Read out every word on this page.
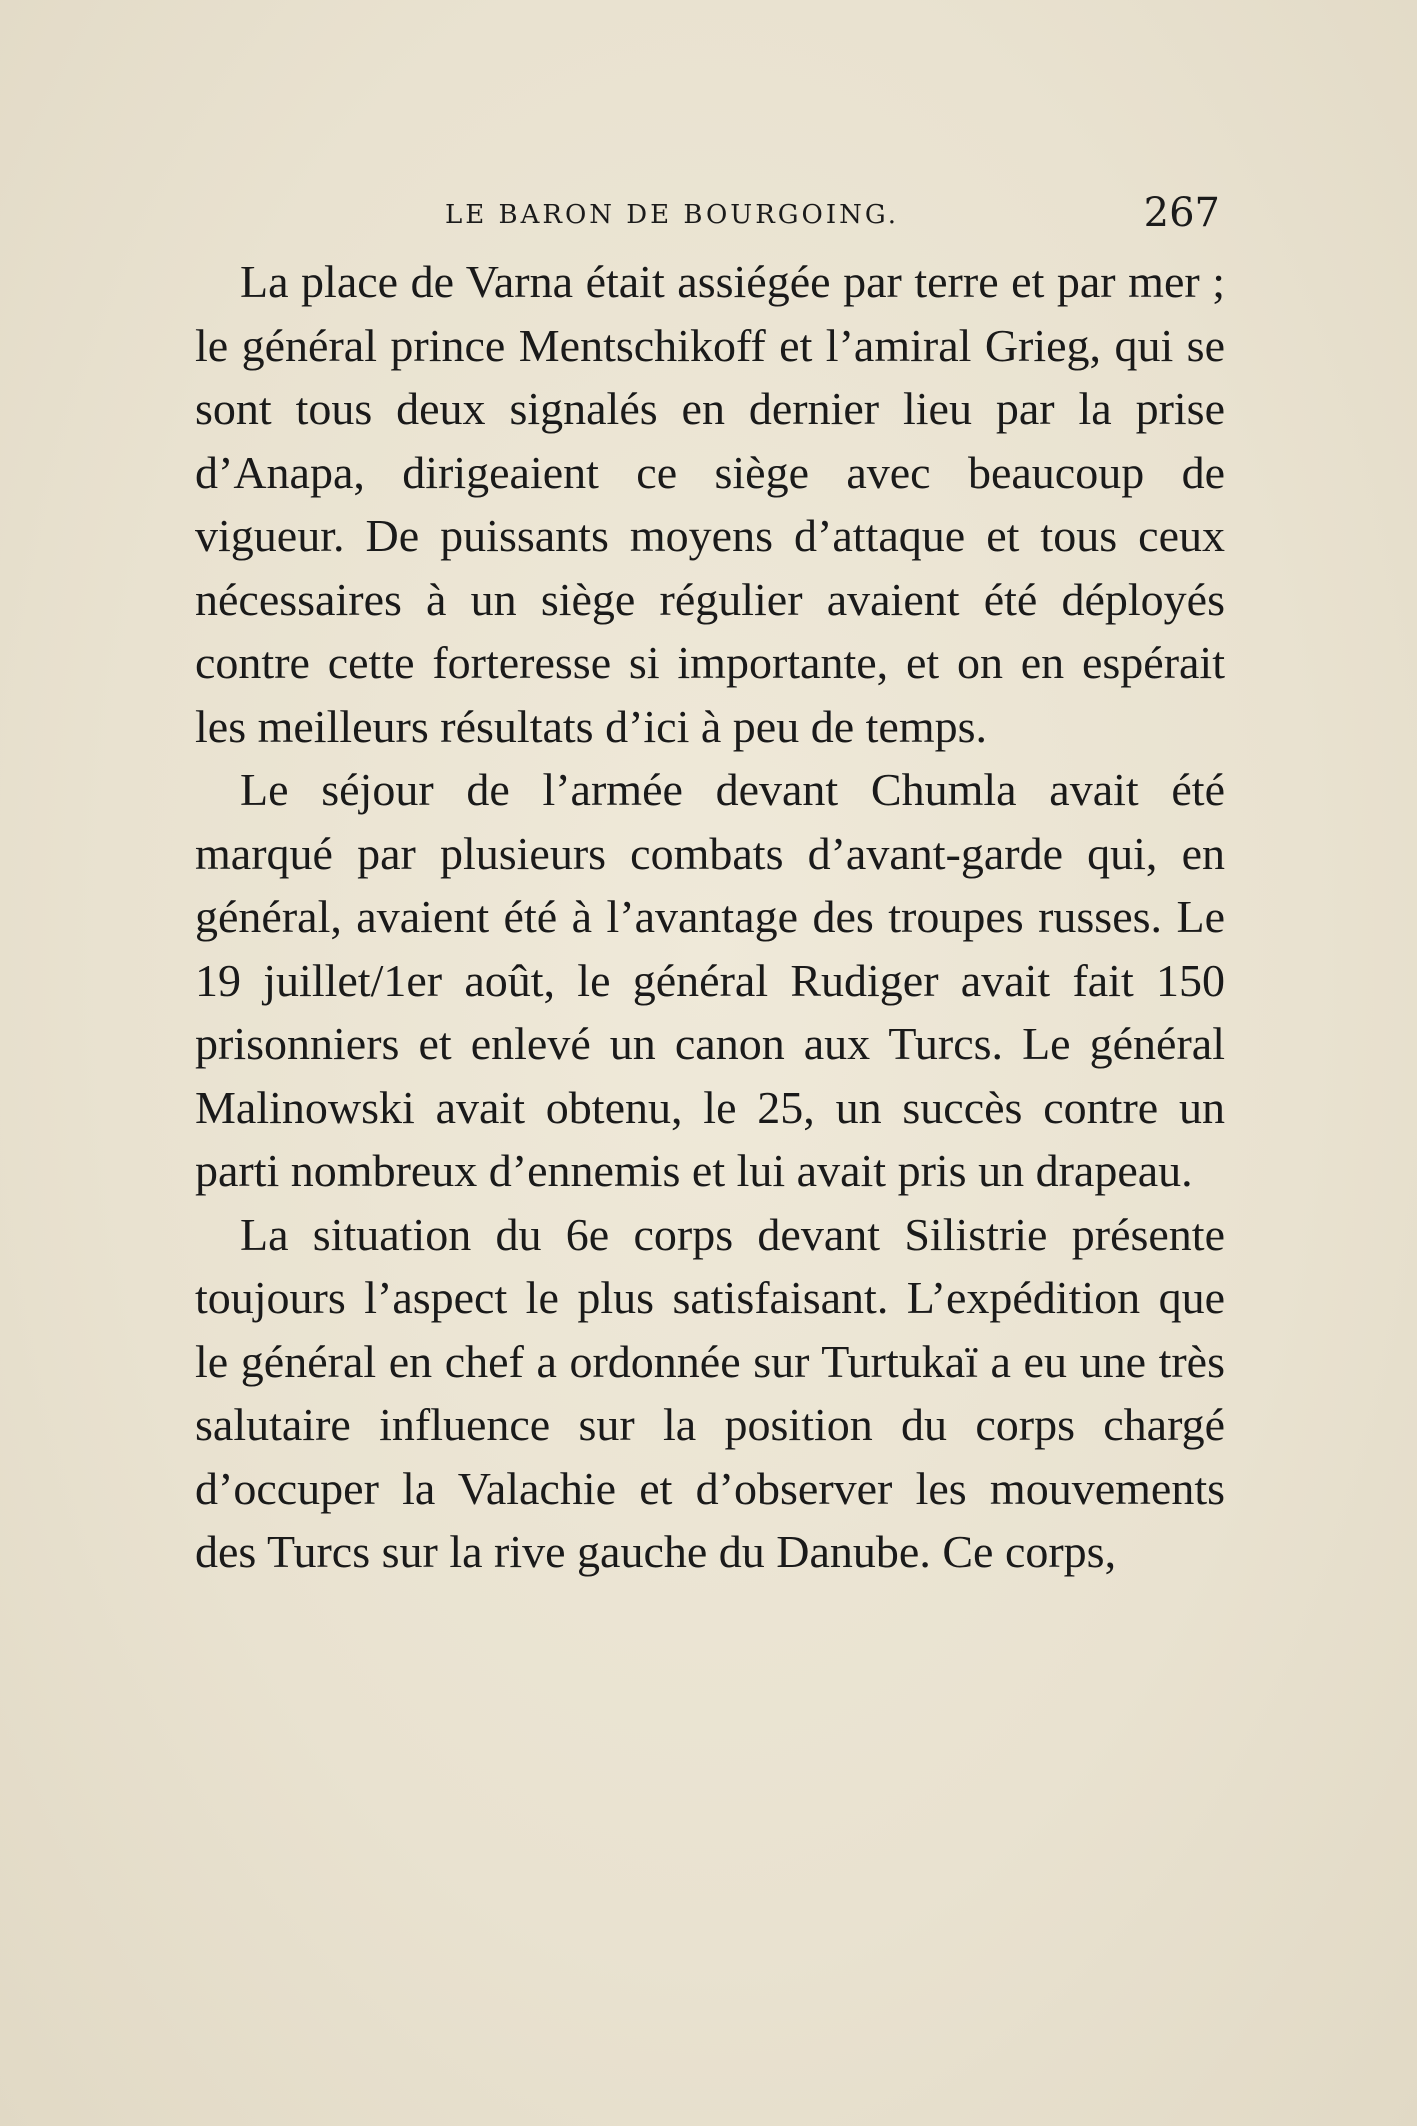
LE BARON DE BOURGOING.	267

La place de Varna était assiégée par terre et par mer ; le général prince Mentschikoff et l’amiral Grieg, qui se sont tous deux signalés en dernier lieu par la prise d’Anapa, dirigeaient ce siège avec beaucoup de vigueur. De puissants moyens d’attaque et tous ceux nécessaires à un siège régulier avaient été déployés contre cette forteresse si importante, et on en espérait les meilleurs résultats d’ici à peu de temps.

Le séjour de l’armée devant Chumla avait été marqué par plusieurs combats d’avant-garde qui, en général, avaient été à l’avantage des troupes russes. Le 19 juillet/1er août, le général Rudiger avait fait 150 prisonniers et enlevé un canon aux Turcs. Le général Malinowski avait obtenu, le 25, un succès contre un parti nombreux d’ennemis et lui avait pris un drapeau.

La situation du 6e corps devant Silistrie présente toujours l’aspect le plus satisfaisant. L’expédition que le général en chef a ordonnée sur Turtukaï a eu une très salutaire influence sur la position du corps chargé d’occuper la Valachie et d’observer les mouvements des Turcs sur la rive gauche du Danube. Ce corps,
